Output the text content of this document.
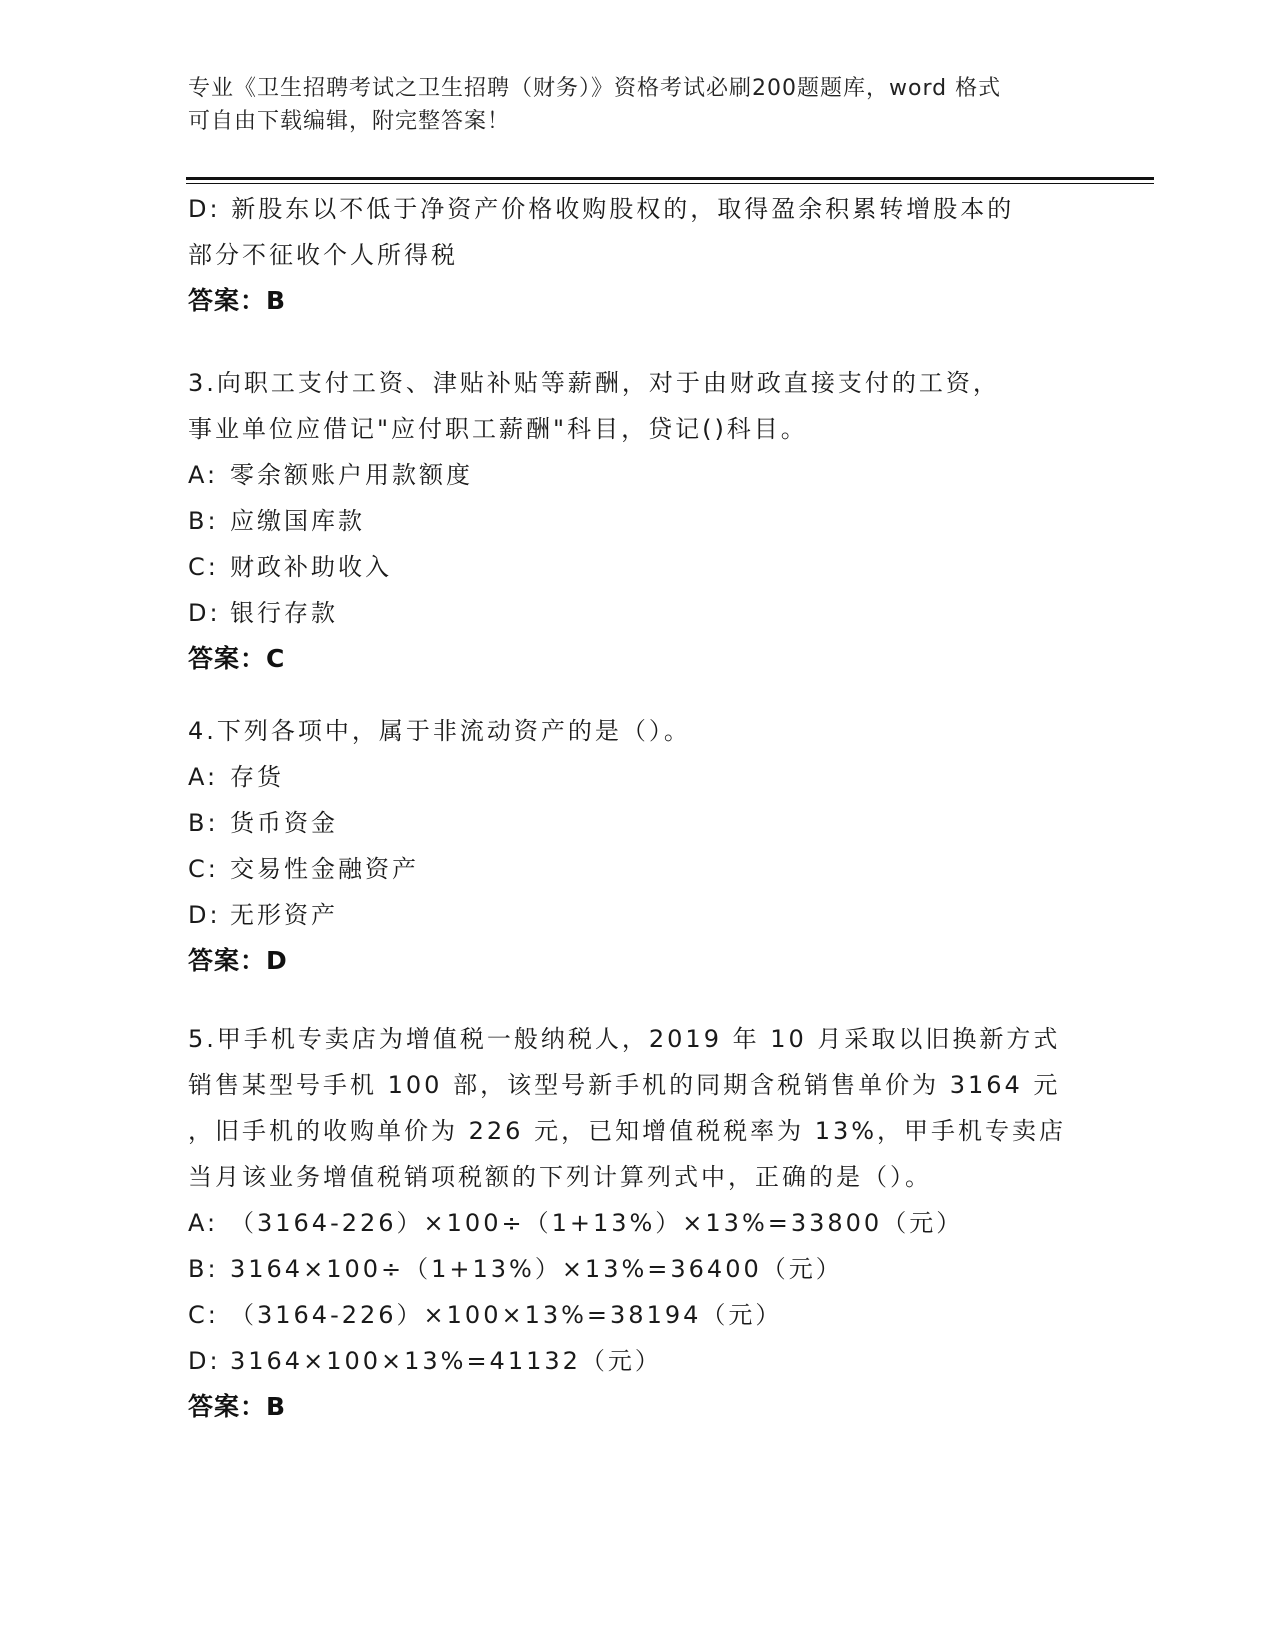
专业《卫生招聘考试之卫生招聘（财务）》资格考试必刷200题题库，word 格式
可自由下载编辑，附完整答案！
D: 新股东以不低于净资产价格收购股权的，取得盈余积累转增股本的
部分不征收个人所得税
答案：B
3.向职工支付工资、津贴补贴等薪酬，对于由财政直接支付的工资，
事业单位应借记"应付职工薪酬"科目，贷记()科目。
A: 零余额账户用款额度
B: 应缴国库款
C: 财政补助收入
D: 银行存款
答案：C
4.下列各项中，属于非流动资产的是（）。
A: 存货
B: 货币资金
C: 交易性金融资产
D: 无形资产
答案：D
5.甲手机专卖店为增值税一般纳税人，2019 年 10 月采取以旧换新方式
销售某型号手机 100 部，该型号新手机的同期含税销售单价为 3164 元
，旧手机的收购单价为 226 元，已知增值税税率为 13%，甲手机专卖店
当月该业务增值税销项税额的下列计算列式中，正确的是（）。
A: （3164-226）×100÷（1+13%）×13%=33800（元）
B: 3164×100÷（1+13%）×13%=36400（元）
C: （3164-226）×100×13%=38194（元）
D: 3164×100×13%=41132（元）
答案：B
